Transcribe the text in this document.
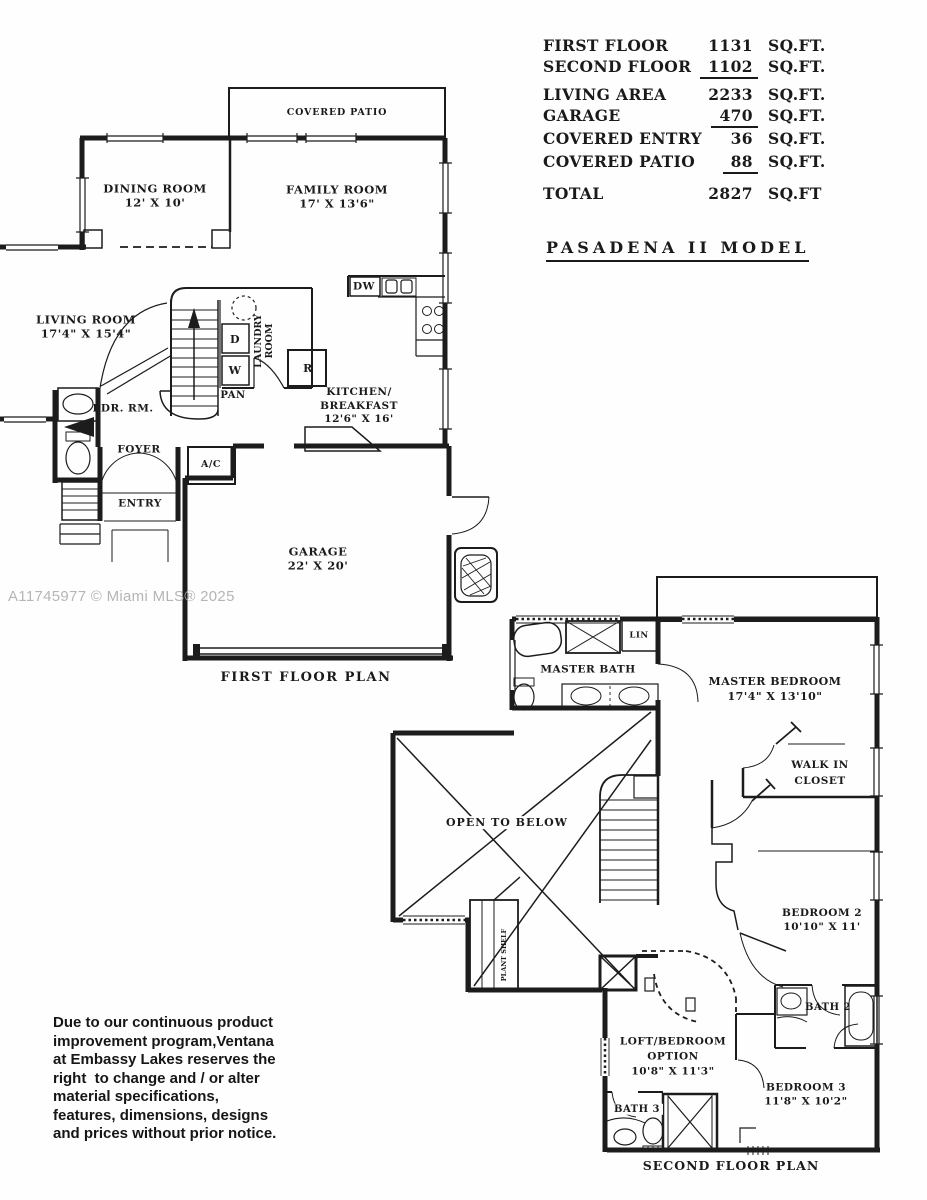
FIRST FLOOR	1131 SQ.FT.
SECOND FLOOR	1102 SQ.FT.
LIVING AREA	2233 SQ.FT.
GARAGE	470 SQ.FT.
COVERED ENTRY	36 SQ.FT.
COVERED PATIO	88 SQ.FT.
TOTAL	2827 SQ.FT
PASADENA II MODEL
COVERED PATIO
DINING ROOM
12' X 10'
FAMILY ROOM
17' X 13'6"
LIVING ROOM
17'4" X 15'4"	LAUNDRY ROOM
D
W	R
DW
PAN	KITCHEN/
BREAKFAST
12'6" X 16'
PDR. RM.
FOYER
A/C
ENTRY
GARAGE
22' X 20'
FIRST FLOOR PLAN
MASTER BATH
LIN
MASTER BEDROOM
17'4" X 13'10"
WALK IN
CLOSET
OPEN TO BELOW
PLANT SHELF
BEDROOM 2
10'10" X 11'
BATH 2
LOFT/BEDROOM
OPTION
10'8" X 11'3"
BEDROOM 3
11'8" X 10'2"
BATH 3
SECOND FLOOR PLAN
Due to our continuous product
improvement program,Ventana
at Embassy Lakes reserves the
right  to change and / or alter
material specifications,
features, dimensions, designs
and prices without prior notice.
A11745977 © Miami MLS® 2025
